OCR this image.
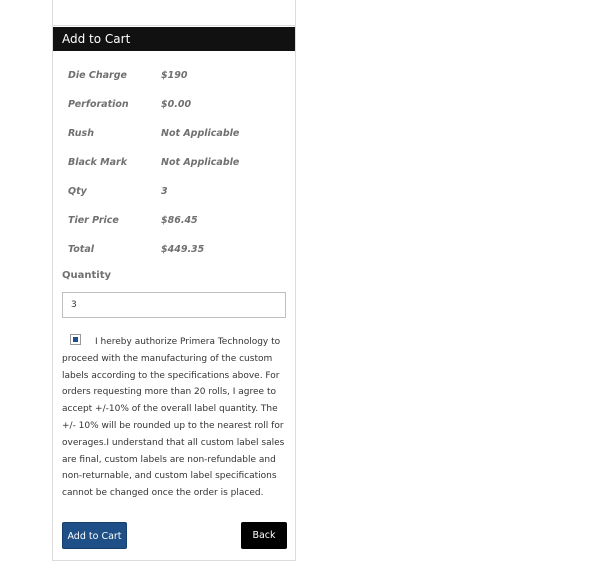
Add to Cart
Die Charge	$190
Perforation	$0.00
Rush	Not Applicable
Black Mark	Not Applicable
Qty	3
Tier Price	$86.45
Total	$449.35
Quantity
3
I hereby authorize Primera Technology to proceed with the manufacturing of the custom labels according to the specifications above. For orders requesting more than 20 rolls, I agree to accept +/-10% of the overall label quantity. The +/- 10% will be rounded up to the nearest roll for overages.I understand that all custom label sales are final, custom labels are non-refundable and non-returnable, and custom label specifications cannot be changed once the order is placed.
Add to Cart	Back
